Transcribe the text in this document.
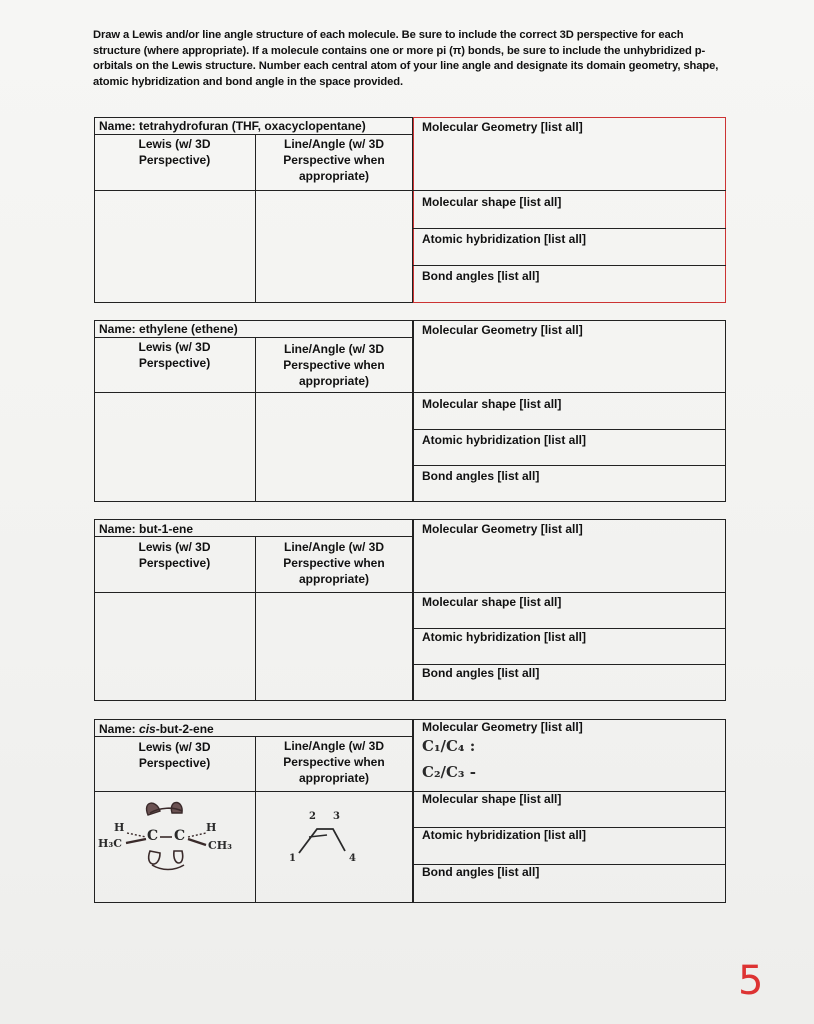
Draw a Lewis and/or line angle structure of each molecule. Be sure to include the correct 3D perspective for each structure (where appropriate). If a molecule contains one or more pi (π) bonds, be sure to include the unhybridized p-orbitals on the Lewis structure. Number each central atom of your line angle and designate its domain geometry, shape, atomic hybridization and bond angle in the space provided.
Name: tetrahydrofuran (THF, oxacyclopentane)
Lewis (w/ 3D
Perspective)
Line/Angle (w/ 3D
Perspective when
appropriate)
Molecular Geometry [list all]
Molecular shape [list all]
Atomic hybridization [list all]
Bond angles [list all]
Name: ethylene (ethene)
Lewis (w/ 3D
Perspective)
Line/Angle (w/ 3D
Perspective when
appropriate)
Molecular Geometry [list all]
Molecular shape [list all]
Atomic hybridization [list all]
Bond angles [list all]
Name: but-1-ene
Lewis (w/ 3D
Perspective)
Line/Angle (w/ 3D
Perspective when
appropriate)
Molecular Geometry [list all]
Molecular shape [list all]
Atomic hybridization [list all]
Bond angles [list all]
Name: cis-but-2-ene
Lewis (w/ 3D
Perspective)
Line/Angle (w/ 3D
Perspective when
appropriate)
Molecular Geometry [list all]
C₁/C₄ :
C₂/C₃ -
Molecular shape [list all]
Atomic hybridization [list all]
Bond angles [list all]
H
H₃C C C
H
CH₃
1
2 3
4
5
